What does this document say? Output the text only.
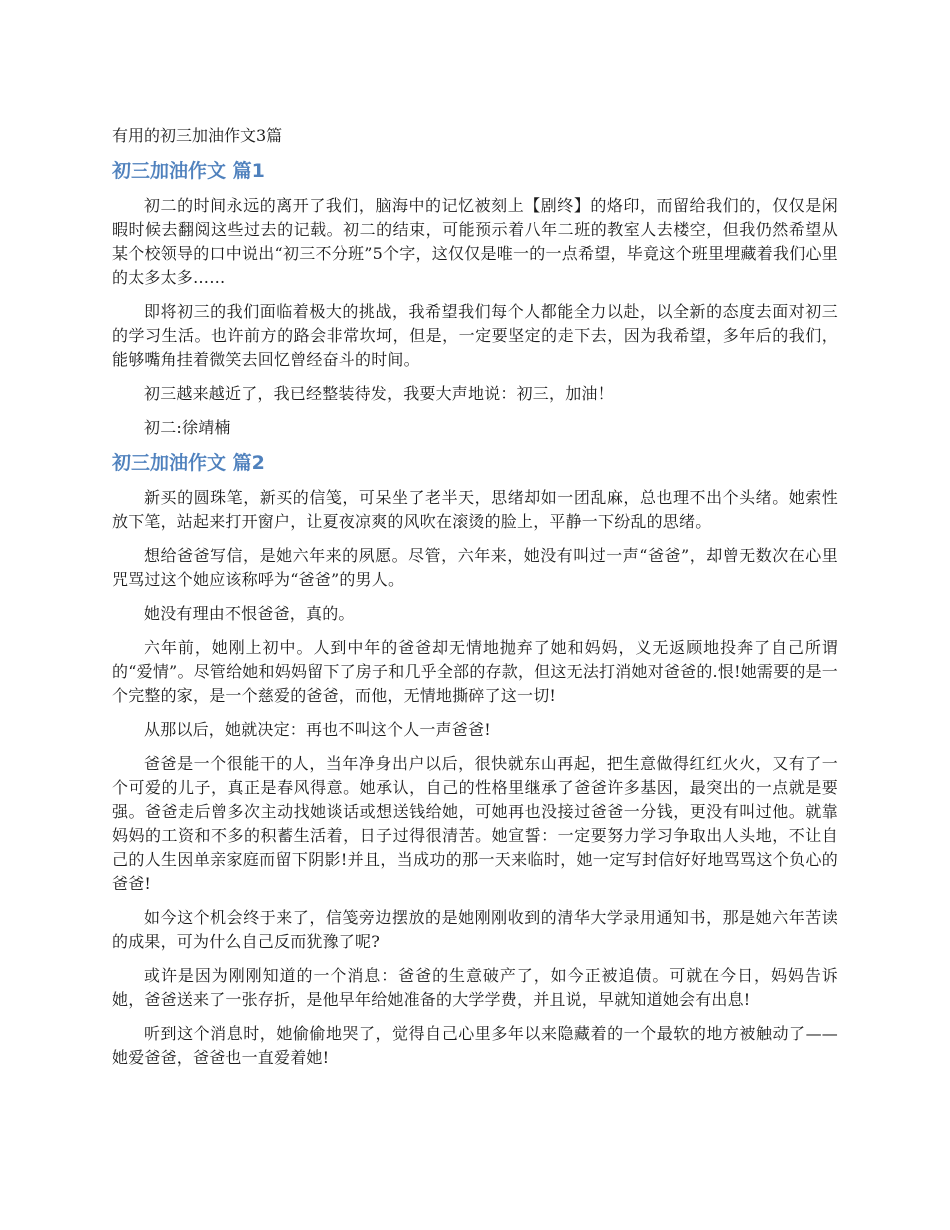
有用的初三加油作文3篇
初三加油作文 篇1

初二的时间永远的离开了我们，脑海中的记忆被刻上【剧终】的烙印，而留给我们的，仅仅是闲暇时候去翻阅这些过去的记载。初二的结束，可能预示着八年二班的教室人去楼空，但我仍然希望从某个校领导的口中说出“初三不分班”5个字，这仅仅是唯一的一点希望，毕竟这个班里埋藏着我们心里的太多太多……

即将初三的我们面临着极大的挑战，我希望我们每个人都能全力以赴，以全新的态度去面对初三的学习生活。也许前方的路会非常坎坷，但是，一定要坚定的走下去，因为我希望，多年后的我们，能够嘴角挂着微笑去回忆曾经奋斗的时间。

初三越来越近了，我已经整装待发，我要大声地说：初三，加油！

初二:徐靖楠

初三加油作文 篇2

新买的圆珠笔，新买的信笺，可呆坐了老半天，思绪却如一团乱麻，总也理不出个头绪。她索性放下笔，站起来打开窗户，让夏夜凉爽的风吹在滚烫的脸上，平静一下纷乱的思绪。

想给爸爸写信，是她六年来的夙愿。尽管，六年来，她没有叫过一声“爸爸”，却曾无数次在心里咒骂过这个她应该称呼为“爸爸”的男人。

她没有理由不恨爸爸，真的。

六年前，她刚上初中。人到中年的爸爸却无情地抛弃了她和妈妈，义无返顾地投奔了自己所谓的“爱情”。尽管给她和妈妈留下了房子和几乎全部的存款，但这无法打消她对爸爸的.恨!她需要的是一个完整的家，是一个慈爱的爸爸，而他，无情地撕碎了这一切!

从那以后，她就决定：再也不叫这个人一声爸爸!

爸爸是一个很能干的人，当年净身出户以后，很快就东山再起，把生意做得红红火火，又有了一个可爱的儿子，真正是春风得意。她承认，自己的性格里继承了爸爸许多基因，最突出的一点就是要强。爸爸走后曾多次主动找她谈话或想送钱给她，可她再也没接过爸爸一分钱，更没有叫过他。就靠妈妈的工资和不多的积蓄生活着，日子过得很清苦。她宣誓：一定要努力学习争取出人头地，不让自己的人生因单亲家庭而留下阴影!并且，当成功的那一天来临时，她一定写封信好好地骂骂这个负心的爸爸!

如今这个机会终于来了，信笺旁边摆放的是她刚刚收到的清华大学录用通知书，那是她六年苦读的成果，可为什么自己反而犹豫了呢?

或许是因为刚刚知道的一个消息：爸爸的生意破产了，如今正被追债。可就在今日，妈妈告诉她，爸爸送来了一张存折，是他早年给她准备的大学学费，并且说，早就知道她会有出息!

听到这个消息时，她偷偷地哭了，觉得自己心里多年以来隐藏着的一个最软的地方被触动了——她爱爸爸，爸爸也一直爱着她!
